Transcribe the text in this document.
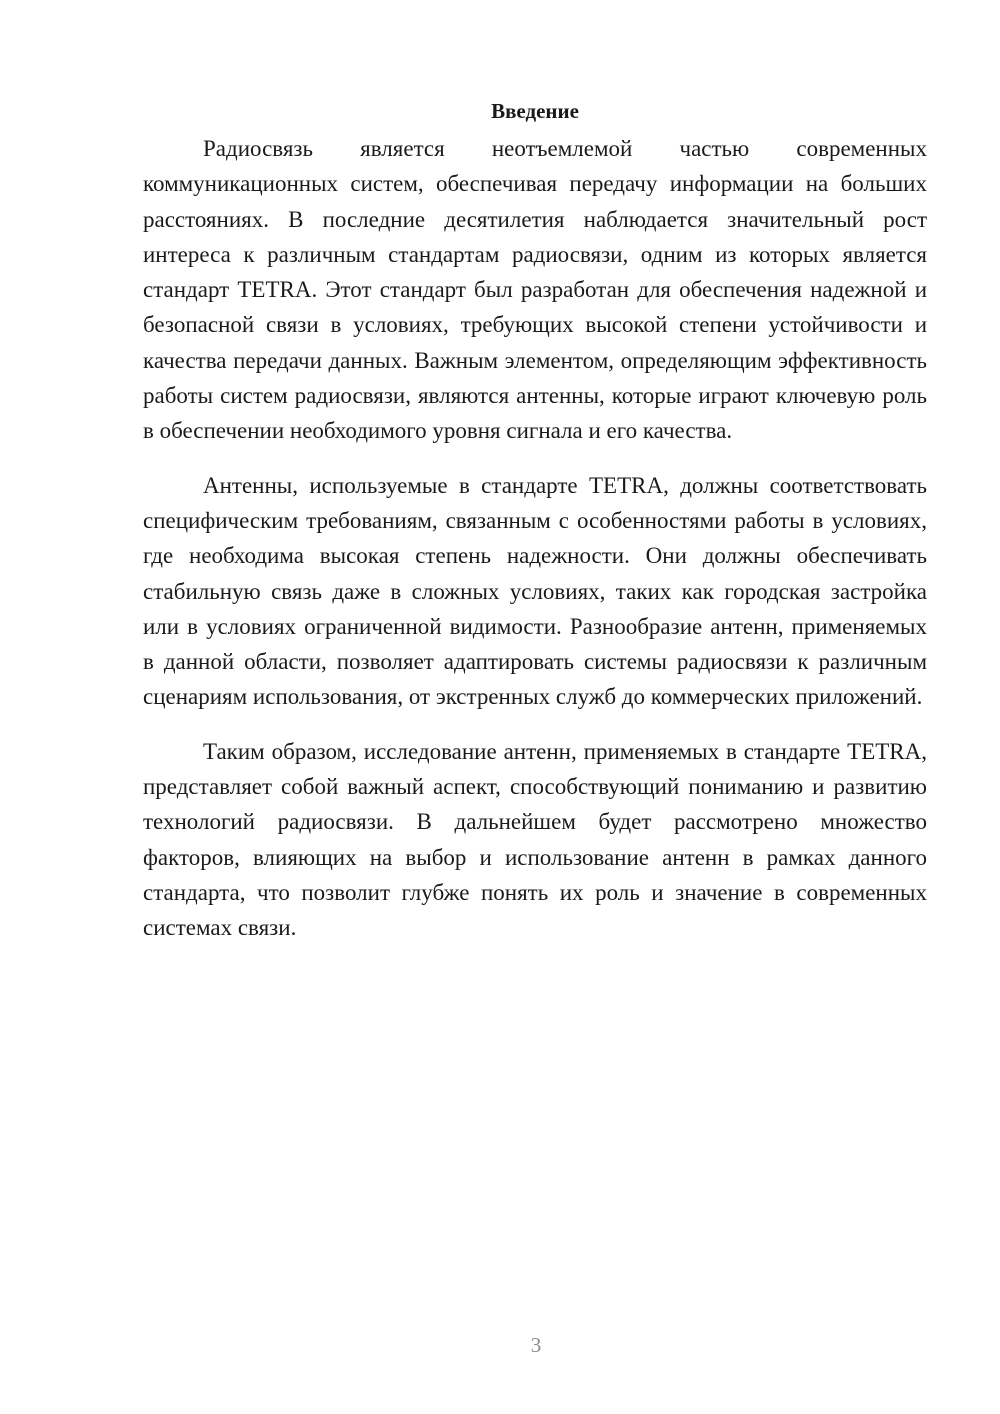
Введение

Радиосвязь является неотъемлемой частью современных коммуникационных систем, обеспечивая передачу информации на больших расстояниях. В последние десятилетия наблюдается значительный рост интереса к различным стандартам радиосвязи, одним из которых является стандарт TETRA. Этот стандарт был разработан для обеспечения надежной и безопасной связи в условиях, требующих высокой степени устойчивости и качества передачи данных. Важным элементом, определяющим эффективность работы систем радиосвязи, являются антенны, которые играют ключевую роль в обеспечении необходимого уровня сигнала и его качества.

Антенны, используемые в стандарте TETRA, должны соответствовать специфическим требованиям, связанным с особенностями работы в условиях, где необходима высокая степень надежности. Они должны обеспечивать стабильную связь даже в сложных условиях, таких как городская застройка или в условиях ограниченной видимости. Разнообразие антенн, применяемых в данной области, позволяет адаптировать системы радиосвязи к различным сценариям использования, от экстренных служб до коммерческих приложений.

Таким образом, исследование антенн, применяемых в стандарте TETRA, представляет собой важный аспект, способствующий пониманию и развитию технологий радиосвязи. В дальнейшем будет рассмотрено множество факторов, влияющих на выбор и использование антенн в рамках данного стандарта, что позволит глубже понять их роль и значение в современных системах связи.

3
